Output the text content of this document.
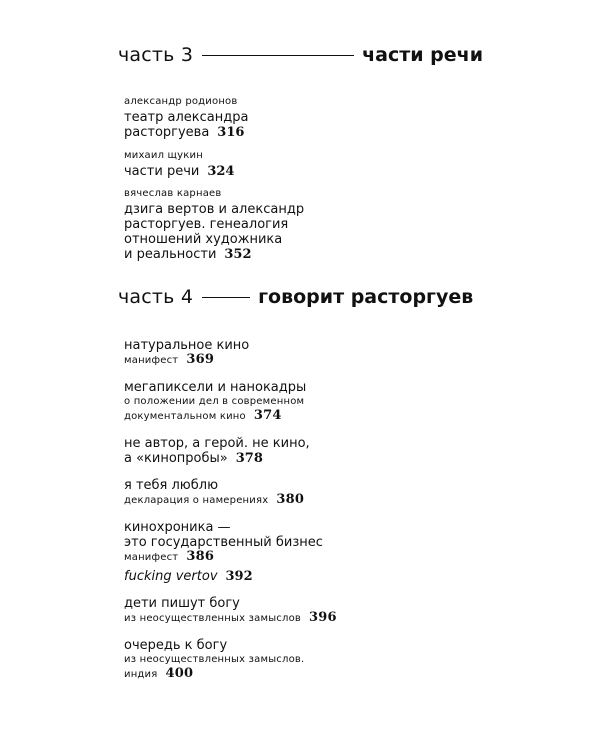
часть 3	части речи
александр родионов
театр александра
расторгуева 316
михаил щукин
части речи 324
вячеслав карнаев
дзига вертов и александр
расторгуев. генеалогия
отношений художника
и реальности 352
часть 4	говорит расторгуев
натуральное кино
манифест 369
мегапиксели и нанокадры
о положении дел в современном
документальном кино 374
не автор, а герой. не кино,
а «кинопробы» 378
я тебя люблю
декларация о намерениях 380
кинохроника —
это государственный бизнес
манифест 386
fucking vertov 392
дети пишут богу
из неосуществленных замыслов 396
очередь к богу
из неосуществленных замыслов.
индия 400
